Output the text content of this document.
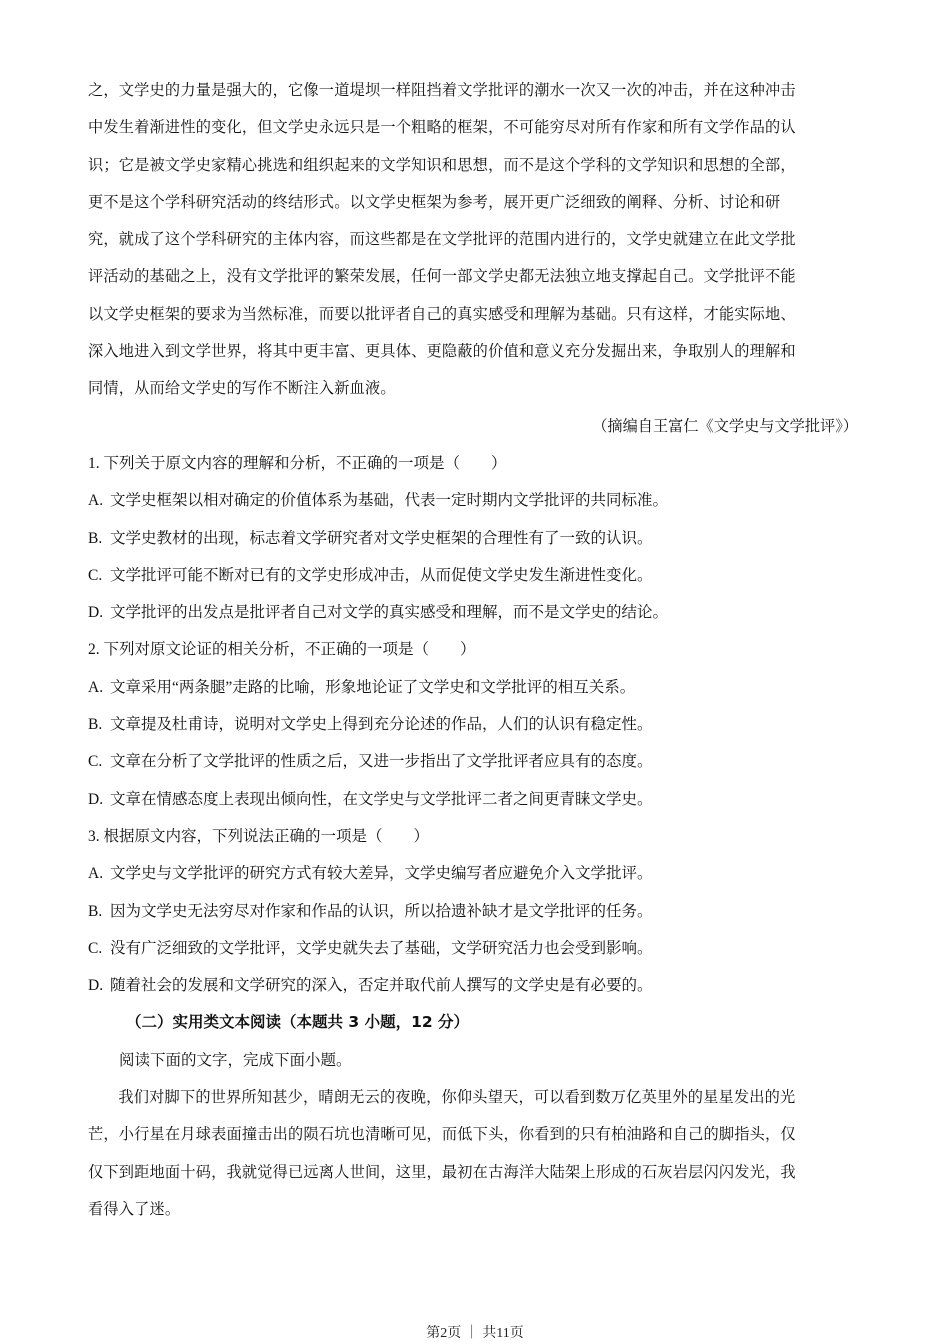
之，文学史的力量是强大的，它像一道堤坝一样阻挡着文学批评的潮水一次又一次的冲击，并在这种冲击

中发生着渐进性的变化，但文学史永远只是一个粗略的框架，不可能穷尽对所有作家和所有文学作品的认

识；它是被文学史家精心挑选和组织起来的文学知识和思想，而不是这个学科的文学知识和思想的全部，

更不是这个学科研究活动的终结形式。以文学史框架为参考，展开更广泛细致的阐释、分析、讨论和研

究，就成了这个学科研究的主体内容，而这些都是在文学批评的范围内进行的，文学史就建立在此文学批

评活动的基础之上，没有文学批评的繁荣发展，任何一部文学史都无法独立地支撑起自己。文学批评不能

以文学史框架的要求为当然标准，而要以批评者自己的真实感受和理解为基础。只有这样，才能实际地、

深入地进入到文学世界，将其中更丰富、更具体、更隐蔽的价值和意义充分发掘出来，争取别人的理解和

同情，从而给文学史的写作不断注入新血液。

（摘编自王富仁《文学史与文学批评》）

1. 下列关于原文内容的理解和分析，不正确的一项是（　　）

A. 文学史框架以相对确定的价值体系为基础，代表一定时期内文学批评的共同标准。

B. 文学史教材的出现，标志着文学研究者对文学史框架的合理性有了一致的认识。

C. 文学批评可能不断对已有的文学史形成冲击，从而促使文学史发生渐进性变化。

D. 文学批评的出发点是批评者自己对文学的真实感受和理解，而不是文学史的结论。

2. 下列对原文论证的相关分析，不正确的一项是（　　）

A. 文章采用“两条腿”走路的比喻，形象地论证了文学史和文学批评的相互关系。

B. 文章提及杜甫诗，说明对文学史上得到充分论述的作品，人们的认识有稳定性。

C. 文章在分析了文学批评的性质之后，又进一步指出了文学批评者应具有的态度。

D. 文章在情感态度上表现出倾向性，在文学史与文学批评二者之间更青睐文学史。

3. 根据原文内容，下列说法正确的一项是（　　）

A. 文学史与文学批评的研究方式有较大差异，文学史编写者应避免介入文学批评。

B. 因为文学史无法穷尽对作家和作品的认识，所以拾遗补缺才是文学批评的任务。

C. 没有广泛细致的文学批评，文学史就失去了基础，文学研究活力也会受到影响。

D. 随着社会的发展和文学研究的深入，否定并取代前人撰写的文学史是有必要的。

（二）实用类文本阅读（本题共 3 小题，12 分）

阅读下面的文字，完成下面小题。

我们对脚下的世界所知甚少，晴朗无云的夜晚，你仰头望天，可以看到数万亿英里外的星星发出的光

芒，小行星在月球表面撞击出的陨石坑也清晰可见，而低下头，你看到的只有柏油路和自己的脚指头，仅

仅下到距地面十码，我就觉得已远离人世间，这里，最初在古海洋大陆架上形成的石灰岩层闪闪发光，我

看得入了迷。

第2页 ｜ 共11页
